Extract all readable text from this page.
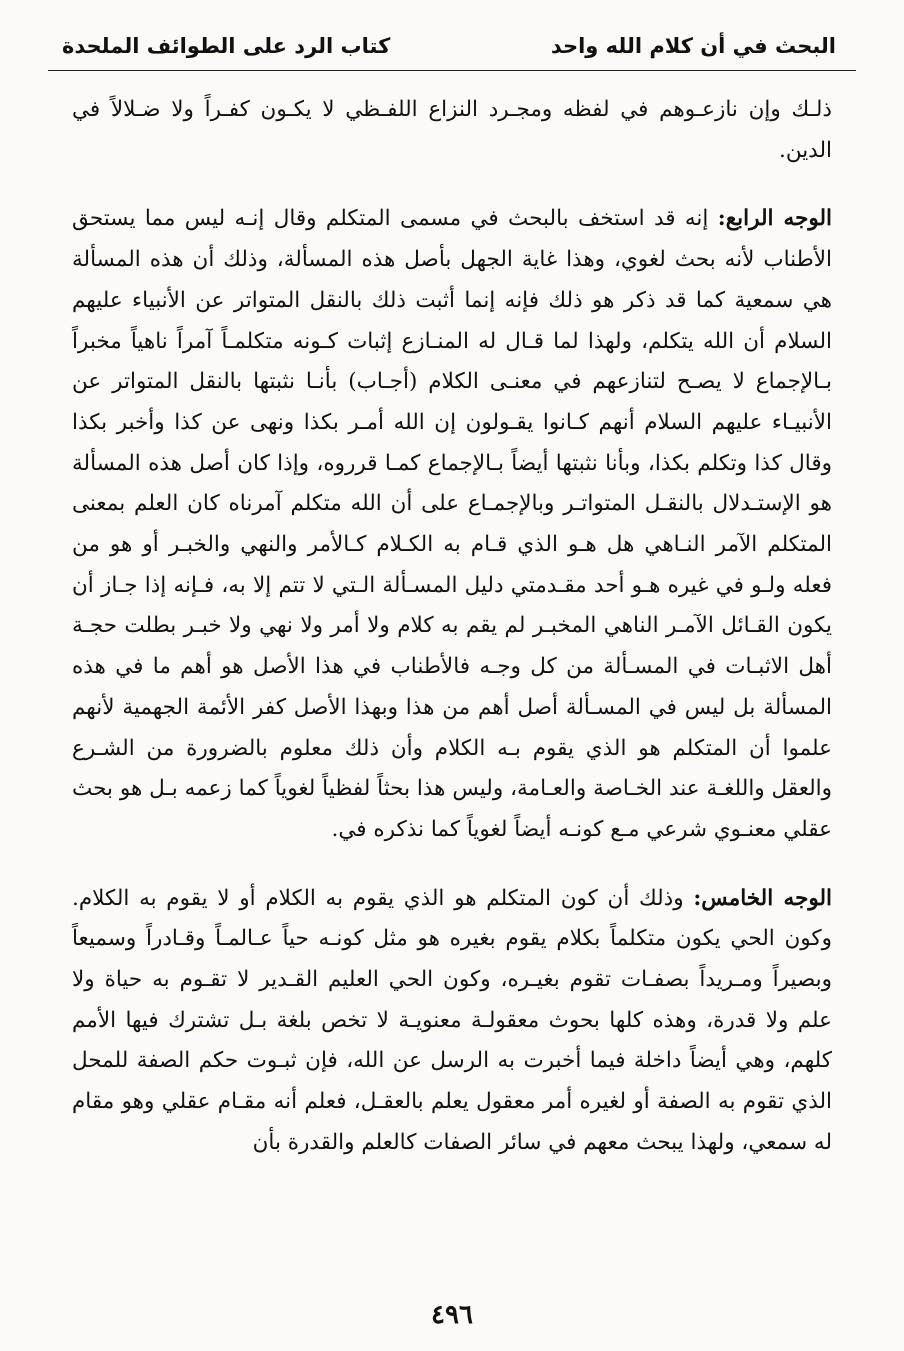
البحث في أن كلام الله واحد
كتاب الرد على الطوائف الملحدة

ذلـك وإن نازعـوهم في لفظه ومجـرد النزاع اللفـظي لا يكـون كفـراً ولا ضـلالاً في الدين.

الوجه الرابع: إنه قد استخف بالبحث في مسمى المتكلم وقال إنـه ليس مما يستحق الأطناب لأنه بحث لغوي، وهذا غاية الجهل بأصل هذه المسألة، وذلك أن هذه المسألة هي سمعية كما قد ذكر هو ذلك فإنه إنما أثبت ذلك بالنقل المتواتر عن الأنبياء عليهم السلام أن الله يتكلم، ولهذا لما قـال له المنـازع إثبات كـونه متكلمـاً آمراً ناهياً مخبراً بـالإجماع لا يصـح لتنازعهم في معنـى الكلام (أجـاب) بأنـا نثبتها بالنقل المتواتر عن الأنبيـاء عليهم السلام أنهم كـانوا يقـولون إن الله أمـر بكذا ونهى عن كذا وأخبر بكذا وقال كذا وتكلم بكذا، وبأنا نثبتها أيضاً بـالإجماع كمـا قرروه، وإذا كان أصل هذه المسألة هو الإستـدلال بالنقـل المتواتـر وبالإجمـاع على أن الله متكلم آمرناه كان العلم بمعنى المتكلم الآمر النـاهي هل هـو الذي قـام به الكـلام كـالأمر والنهي والخبـر أو هو من فعله ولـو في غيره هـو أحد مقـدمتي دليل المسـألة الـتي لا تتم إلا به، فـإنه إذا جـاز أن يكون القـائل الآمـر الناهي المخبـر لم يقم به كلام ولا أمر ولا نهي ولا خبـر بطلت حجـة أهل الاثبـات في المسـألة من كل وجـه فالأطناب في هذا الأصل هو أهم ما في هذه المسألة بل ليس في المسـألة أصل أهم من هذا وبهذا الأصل كفر الأئمة الجهمية لأنهم علموا أن المتكلم هو الذي يقوم بـه الكلام وأن ذلك معلوم بالضرورة من الشـرع والعقل واللغـة عند الخـاصة والعـامة، وليس هذا بحثاً لفظياً لغوياً كما زعمه بـل هو بحث عقلي معنـوي شرعي مـع كونـه أيضاً لغوياً كما نذكره في.

الوجه الخامس: وذلك أن كون المتكلم هو الذي يقوم به الكلام أو لا يقوم به الكلام. وكون الحي يكون متكلماً بكلام يقوم بغيره هو مثل كونـه حياً عـالمـاً وقـادراً وسميعاً وبصيراً ومـريداً بصفـات تقوم بغيـره، وكون الحي العليم القـدير لا تقـوم به حياة ولا علم ولا قدرة، وهذه كلها بحوث معقولـة معنويـة لا تخص بلغة بـل تشترك فيها الأمم كلهم، وهي أيضاً داخلة فيما أخبرت به الرسل عن الله، فإن ثبـوت حكم الصفة للمحل الذي تقوم به الصفة أو لغيره أمر معقول يعلم بالعقـل، فعلم أنه مقـام عقلي وهو مقام له سمعي، ولهذا يبحث معهم في سائر الصفات كالعلم والقدرة بأن

٤٩٦
